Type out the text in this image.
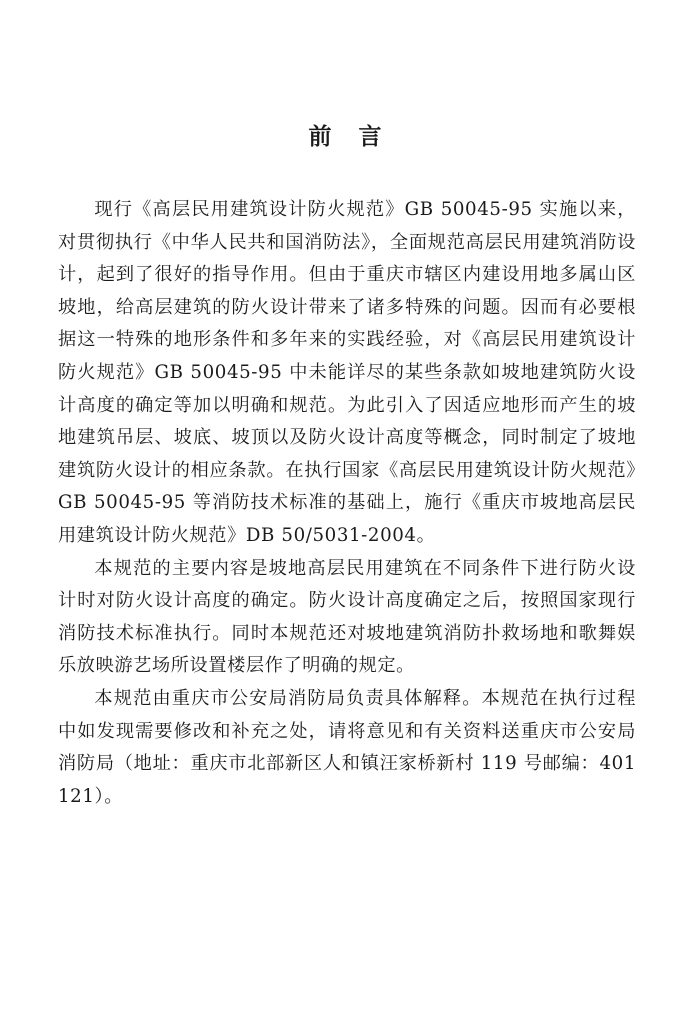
前　言

现行《高层民用建筑设计防火规范》GB 50045-95 实施以来，对贯彻执行《中华人民共和国消防法》，全面规范高层民用建筑消防设计，起到了很好的指导作用。但由于重庆市辖区内建设用地多属山区坡地，给高层建筑的防火设计带来了诸多特殊的问题。因而有必要根据这一特殊的地形条件和多年来的实践经验，对《高层民用建筑设计防火规范》GB 50045-95 中未能详尽的某些条款如坡地建筑防火设计高度的确定等加以明确和规范。为此引入了因适应地形而产生的坡地建筑吊层、坡底、坡顶以及防火设计高度等概念，同时制定了坡地建筑防火设计的相应条款。在执行国家《高层民用建筑设计防火规范》GB 50045-95 等消防技术标准的基础上，施行《重庆市坡地高层民用建筑设计防火规范》DB 50/5031-2004。

本规范的主要内容是坡地高层民用建筑在不同条件下进行防火设计时对防火设计高度的确定。防火设计高度确定之后，按照国家现行消防技术标准执行。同时本规范还对坡地建筑消防扑救场地和歌舞娱乐放映游艺场所设置楼层作了明确的规定。

本规范由重庆市公安局消防局负责具体解释。本规范在执行过程中如发现需要修改和补充之处，请将意见和有关资料送重庆市公安局消防局（地址：重庆市北部新区人和镇汪家桥新村 119 号邮编：401121）。
